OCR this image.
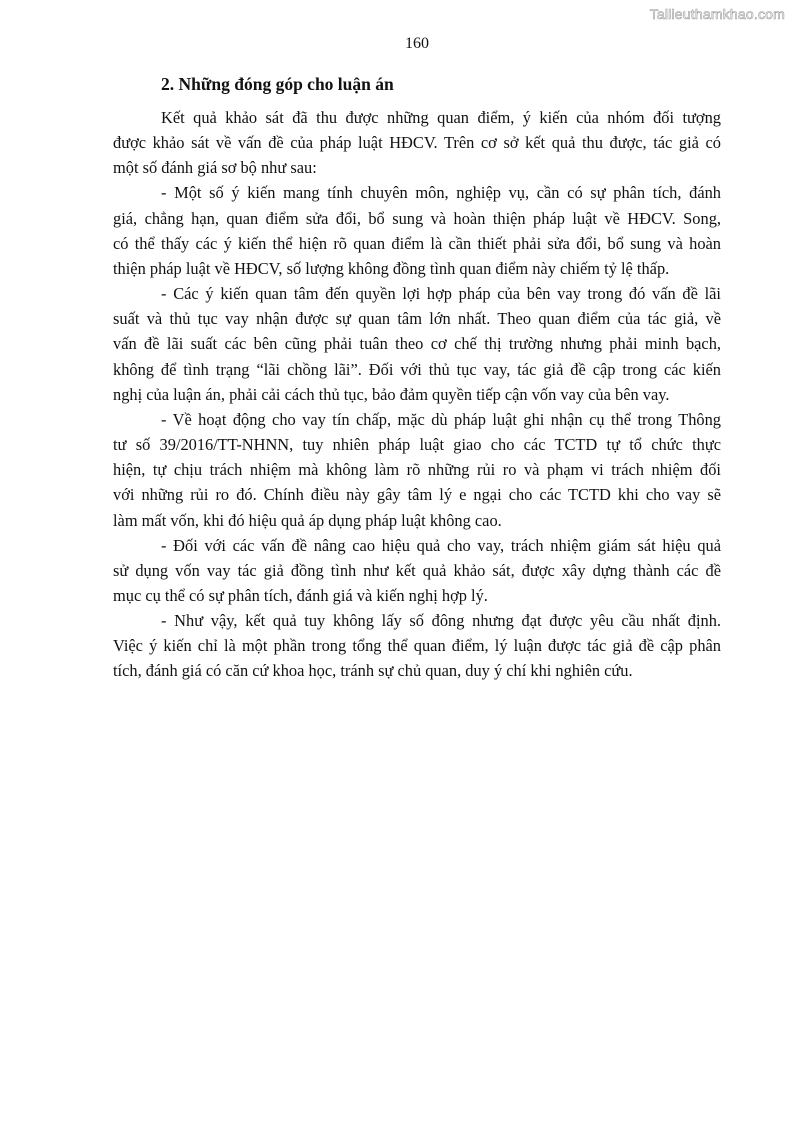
Tailieuthamkhao.com
160
2. Những đóng góp cho luận án

Kết quả khảo sát đã thu được những quan điểm, ý kiến của nhóm đối tượng
được khảo sát về vấn đề của pháp luật HĐCV. Trên cơ sở kết quả thu được, tác giả có
một số đánh giá sơ bộ như sau:

- Một số ý kiến mang tính chuyên môn, nghiệp vụ, cần có sự phân tích, đánh
giá, chẳng hạn, quan điểm sửa đổi, bổ sung và hoàn thiện pháp luật về HĐCV. Song,
có thể thấy các ý kiến thể hiện rõ quan điểm là cần thiết phải sửa đổi, bổ sung và hoàn
thiện pháp luật về HĐCV, số lượng không đồng tình quan điểm này chiếm tỷ lệ thấp.

- Các ý kiến quan tâm đến quyền lợi hợp pháp của bên vay trong đó vấn đề lãi
suất và thủ tục vay nhận được sự quan tâm lớn nhất. Theo quan điểm của tác giả, về
vấn đề lãi suất các bên cũng phải tuân theo cơ chế thị trường nhưng phải minh bạch,
không để tình trạng “lãi chồng lãi”. Đối với thủ tục vay, tác giả đề cập trong các kiến
nghị của luận án, phải cải cách thủ tục, bảo đảm quyền tiếp cận vốn vay của bên vay.

- Về hoạt động cho vay tín chấp, mặc dù pháp luật ghi nhận cụ thể trong Thông
tư số 39/2016/TT-NHNN, tuy nhiên pháp luật giao cho các TCTD tự tổ chức thực
hiện, tự chịu trách nhiệm mà không làm rõ những rủi ro và phạm vi trách nhiệm đối
với những rủi ro đó. Chính điều này gây tâm lý e ngại cho các TCTD khi cho vay sẽ
làm mất vốn, khi đó hiệu quả áp dụng pháp luật không cao.

- Đối với các vấn đề nâng cao hiệu quả cho vay, trách nhiệm giám sát hiệu quả
sử dụng vốn vay tác giả đồng tình như kết quả khảo sát, được xây dựng thành các đề
mục cụ thể có sự phân tích, đánh giá và kiến nghị hợp lý.

- Như vậy, kết quả tuy không lấy số đông nhưng đạt được yêu cầu nhất định.
Việc ý kiến chỉ là một phần trong tổng thể quan điểm, lý luận được tác giả đề cập phân
tích, đánh giá có căn cứ khoa học, tránh sự chủ quan, duy ý chí khi nghiên cứu.
